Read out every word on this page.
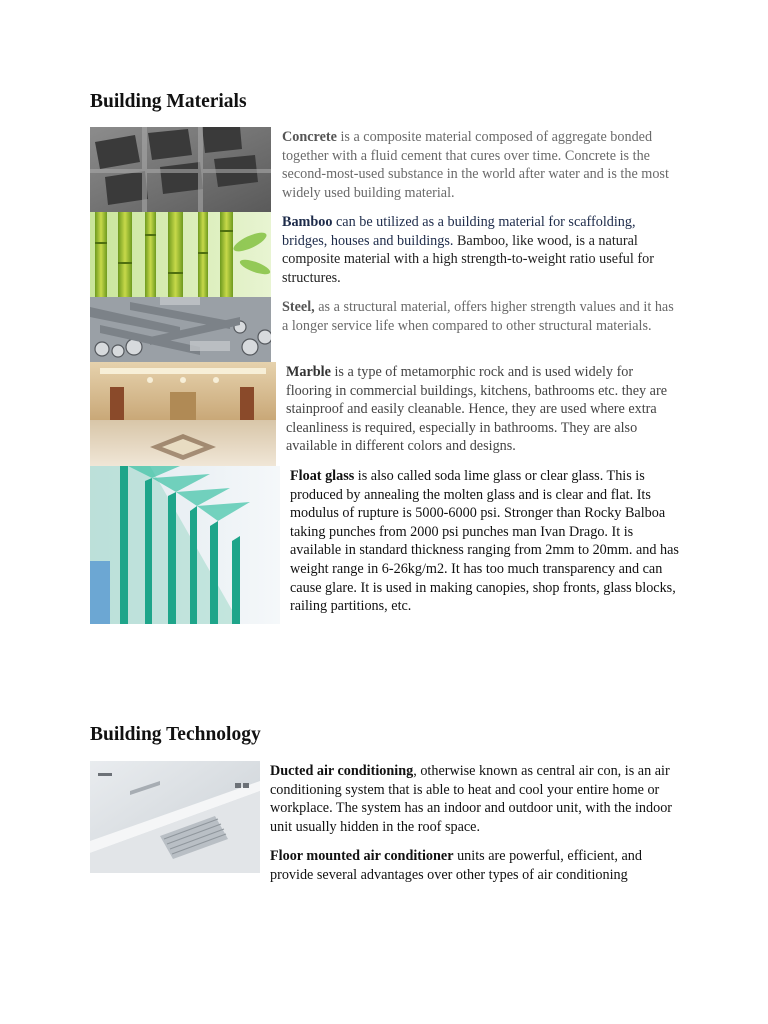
Building Materials

Concrete is a composite material composed of aggregate bonded together with a fluid cement that cures over time. Concrete is the second-most-used substance in the world after water and is the most widely used building material.

Bamboo can be utilized as a building material for scaffolding, bridges, houses and buildings. Bamboo, like wood, is a natural composite material with a high strength-to-weight ratio useful for structures.

Steel, as a structural material, offers higher strength values and it has a longer service life when compared to other structural materials.

Marble is a type of metamorphic rock and is used widely for flooring in commercial buildings, kitchens, bathrooms etc. they are stainproof and easily cleanable. Hence, they are used where extra cleanliness is required, especially in bathrooms. They are also available in different colors and designs.

Float glass is also called soda lime glass or clear glass. This is produced by annealing the molten glass and is clear and flat. Its modulus of rupture is 5000-6000 psi. Stronger than Rocky Balboa taking punches from 2000 psi punches man Ivan Drago. It is available in standard thickness ranging from 2mm to 20mm. and has weight range in 6-26kg/m2. It has too much transparency and can cause glare. It is used in making canopies, shop fronts, glass blocks, railing partitions, etc.

Building Technology

Ducted air conditioning, otherwise known as central air con, is an air conditioning system that is able to heat and cool your entire home or workplace. The system has an indoor and outdoor unit, with the indoor unit usually hidden in the roof space.

Floor mounted air conditioner units are powerful, efficient, and provide several advantages over other types of air conditioning
